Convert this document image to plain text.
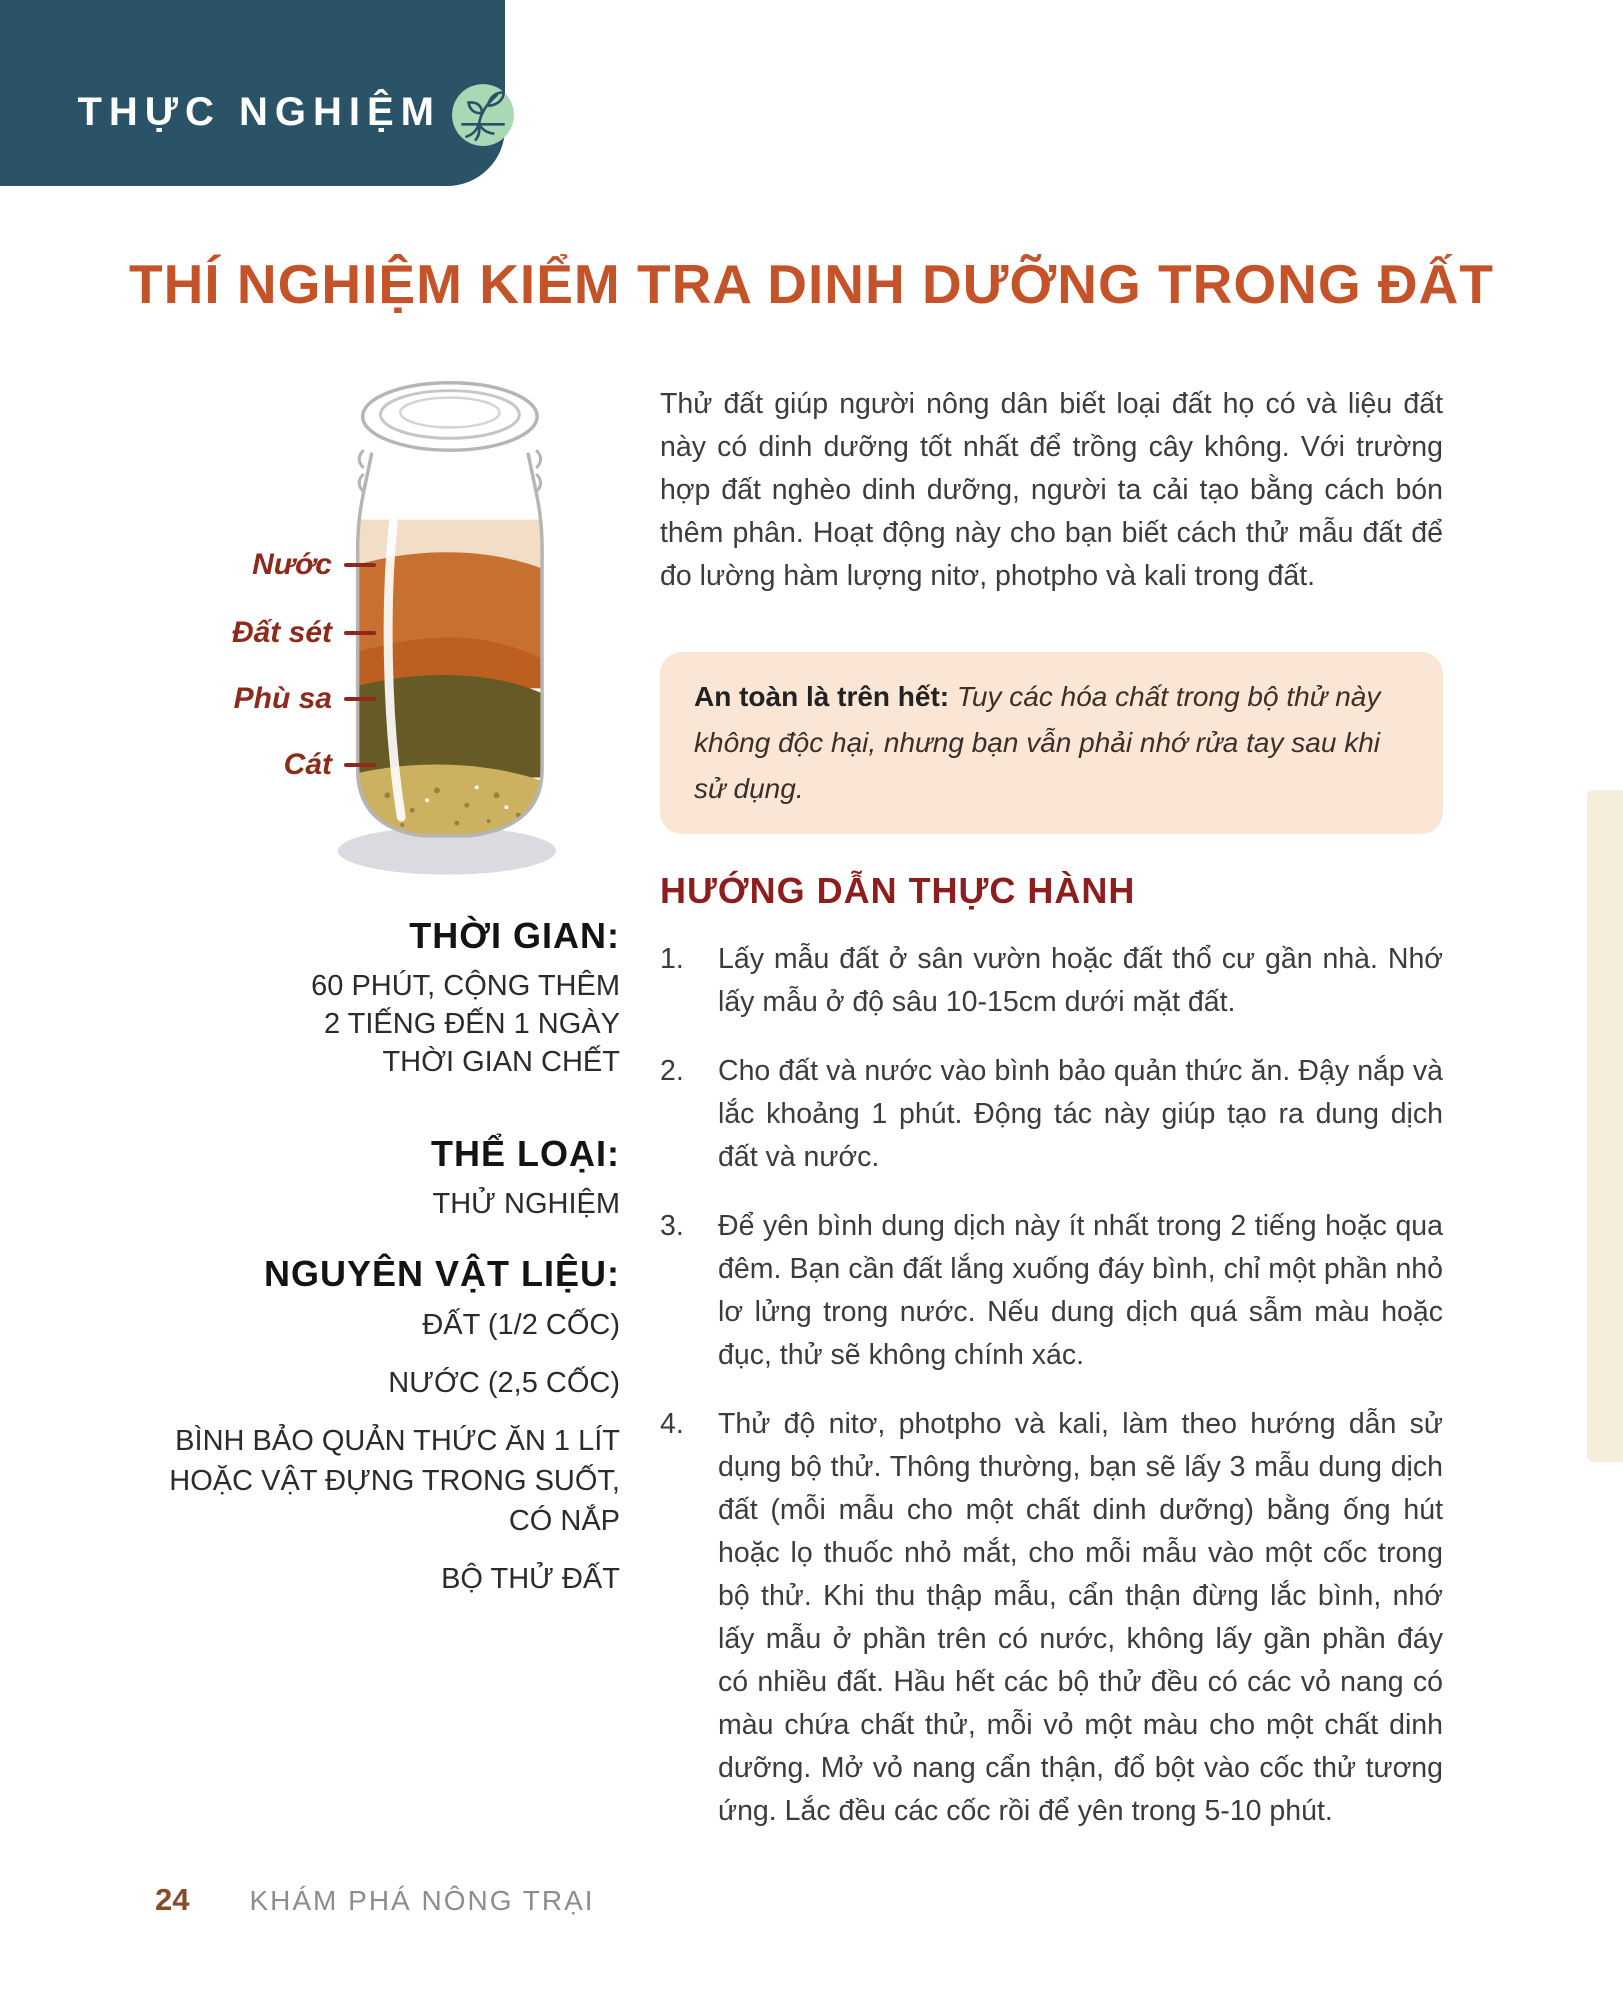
THỰC NGHIỆM
THÍ NGHIỆM KIỂM TRA DINH DƯỠNG TRONG ĐẤT
Nước
Đất sét
Phù sa
Cát
THỜI GIAN:
60 PHÚT, CỘNG THÊM
2 TIẾNG ĐẾN 1 NGÀY
THỜI GIAN CHẾT
THỂ LOẠI:
THỬ NGHIỆM
NGUYÊN VẬT LIỆU:
ĐẤT (1/2 CỐC)
NƯỚC (2,5 CỐC)
BÌNH BẢO QUẢN THỨC ĂN 1 LÍT HOẶC VẬT ĐỰNG TRONG SUỐT, CÓ NẮP
BỘ THỬ ĐẤT

Thử đất giúp người nông dân biết loại đất họ có và liệu đất này có dinh dưỡng tốt nhất để trồng cây không. Với trường hợp đất nghèo dinh dưỡng, người ta cải tạo bằng cách bón thêm phân. Hoạt động này cho bạn biết cách thử mẫu đất để đo lường hàm lượng nitơ, photpho và kali trong đất.

An toàn là trên hết: Tuy các hóa chất trong bộ thử này không độc hại, nhưng bạn vẫn phải nhớ rửa tay sau khi sử dụng.
HƯỚNG DẪN THỰC HÀNH
1.	Lấy mẫu đất ở sân vườn hoặc đất thổ cư gần nhà. Nhớ lấy mẫu ở độ sâu 10-15cm dưới mặt đất.
2.	Cho đất và nước vào bình bảo quản thức ăn. Đậy nắp và lắc khoảng 1 phút. Động tác này giúp tạo ra dung dịch đất và nước.
3.	Để yên bình dung dịch này ít nhất trong 2 tiếng hoặc qua đêm. Bạn cần đất lắng xuống đáy bình, chỉ một phần nhỏ lơ lửng trong nước. Nếu dung dịch quá sẫm màu hoặc đục, thử sẽ không chính xác.
4.	Thử độ nitơ, photpho và kali, làm theo hướng dẫn sử dụng bộ thử. Thông thường, bạn sẽ lấy 3 mẫu dung dịch đất (mỗi mẫu cho một chất dinh dưỡng) bằng ống hút hoặc lọ thuốc nhỏ mắt, cho mỗi mẫu vào một cốc trong bộ thử. Khi thu thập mẫu, cẩn thận đừng lắc bình, nhớ lấy mẫu ở phần trên có nước, không lấy gần phần đáy có nhiều đất. Hầu hết các bộ thử đều có các vỏ nang có màu chứa chất thử, mỗi vỏ một màu cho một chất dinh dưỡng. Mở vỏ nang cẩn thận, đổ bột vào cốc thử tương ứng. Lắc đều các cốc rồi để yên trong 5-10 phút.
24 KHÁM PHÁ NÔNG TRẠI
